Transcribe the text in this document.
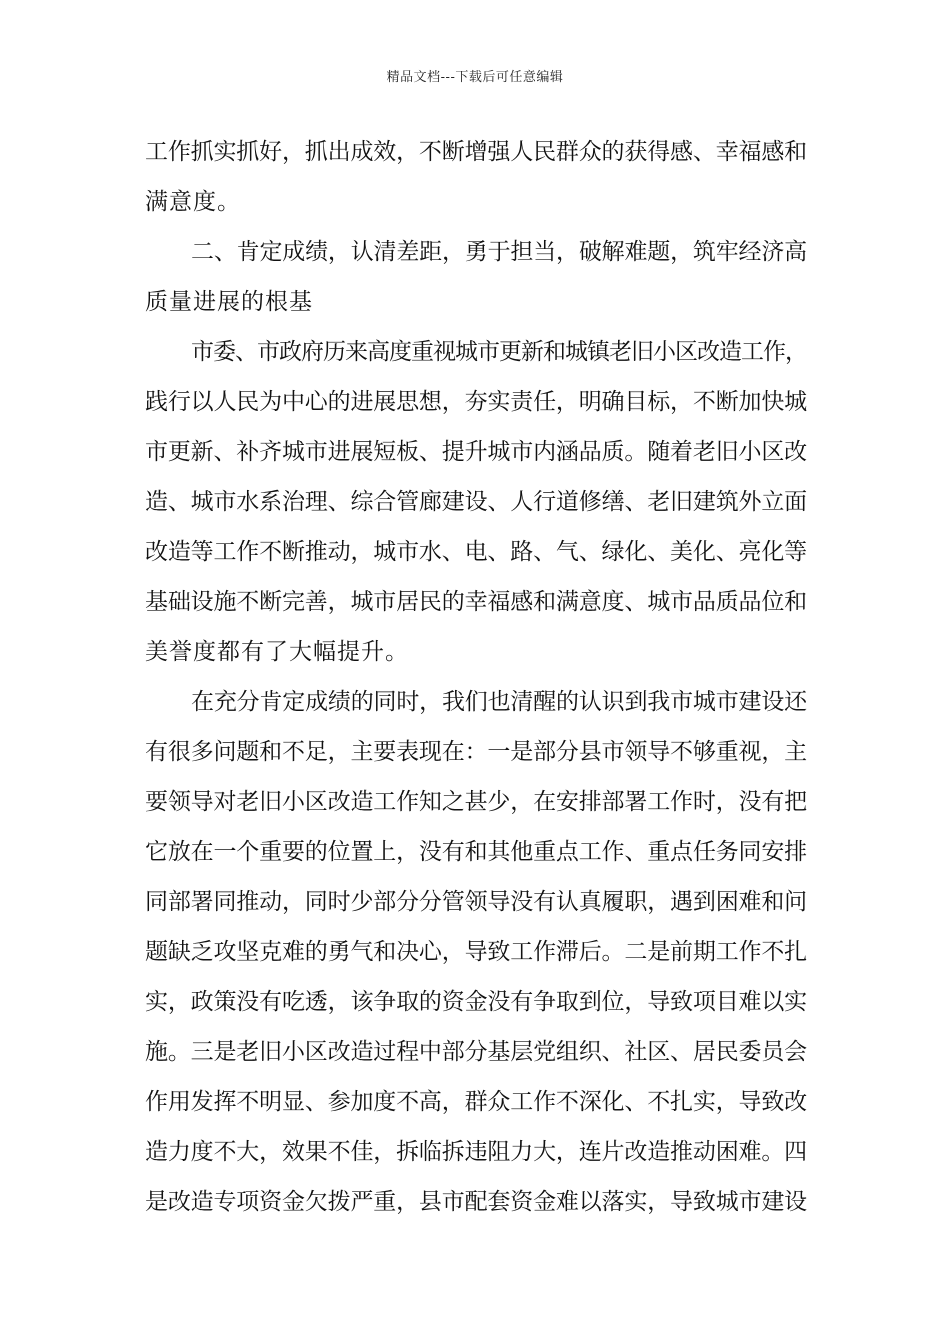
精品文档---下载后可任意编辑
工作抓实抓好，抓出成效，不断增强人民群众的获得感、幸福感和
满意度。
二、肯定成绩，认清差距，勇于担当，破解难题，筑牢经济高
质量进展的根基
市委、市政府历来高度重视城市更新和城镇老旧小区改造工作，
践行以人民为中心的进展思想，夯实责任，明确目标，不断加快城
市更新、补齐城市进展短板、提升城市内涵品质。随着老旧小区改
造、城市水系治理、综合管廊建设、人行道修缮、老旧建筑外立面
改造等工作不断推动，城市水、电、路、气、绿化、美化、亮化等
基础设施不断完善，城市居民的幸福感和满意度、城市品质品位和
美誉度都有了大幅提升。
在充分肯定成绩的同时，我们也清醒的认识到我市城市建设还
有很多问题和不足，主要表现在：一是部分县市领导不够重视，主
要领导对老旧小区改造工作知之甚少，在安排部署工作时，没有把
它放在一个重要的位置上，没有和其他重点工作、重点任务同安排
同部署同推动，同时少部分分管领导没有认真履职，遇到困难和问
题缺乏攻坚克难的勇气和决心，导致工作滞后。二是前期工作不扎
实，政策没有吃透，该争取的资金没有争取到位，导致项目难以实
施。三是老旧小区改造过程中部分基层党组织、社区、居民委员会
作用发挥不明显、参加度不高，群众工作不深化、不扎实，导致改
造力度不大，效果不佳，拆临拆违阻力大，连片改造推动困难。四
是改造专项资金欠拨严重，县市配套资金难以落实，导致城市建设
